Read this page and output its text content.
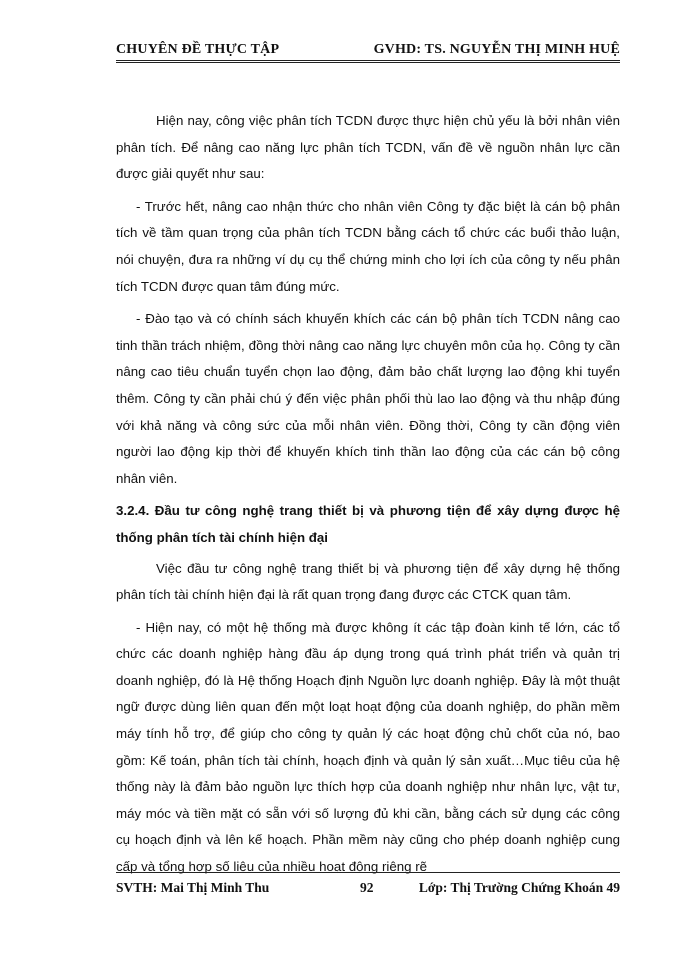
CHUYÊN ĐỀ THỰC TẬP	GVHD: TS. NGUYỄN THỊ MINH HUỆ

Hiện nay, công việc phân tích TCDN được thực hiện chủ yếu là bởi nhân viên phân tích. Để nâng cao năng lực phân tích TCDN, vấn đề về nguồn nhân lực cần được giải quyết như sau:

- Trước hết, nâng cao nhận thức cho nhân viên Công ty đặc biệt là cán bộ phân tích về tầm quan trọng của phân tích TCDN bằng cách tổ chức các buổi thảo luận, nói chuyện, đưa ra những ví dụ cụ thể chứng minh cho lợi ích của công ty nếu phân tích TCDN được quan tâm đúng mức.

- Đào tạo và có chính sách khuyến khích các cán bộ phân tích TCDN nâng cao tinh thần trách nhiệm, đồng thời nâng cao năng lực chuyên môn của họ. Công ty cần nâng cao tiêu chuẩn tuyển chọn lao động, đảm bảo chất lượng lao động khi tuyển thêm. Công ty cần phải chú ý đến việc phân phối thù lao lao động và thu nhập đúng với khả năng và công sức của mỗi nhân viên. Đồng thời, Công ty cần động viên người lao động kịp thời để khuyến khích tinh thần lao động của các cán bộ công nhân viên.

3.2.4. Đầu tư công nghệ trang thiết bị và phương tiện để xây dựng được hệ thống phân tích tài chính hiện đại

Việc đầu tư công nghệ trang thiết bị và phương tiện để xây dựng hệ thống phân tích tài chính hiện đại là rất quan trọng đang được các CTCK quan tâm.

- Hiện nay, có một hệ thống mà được không ít các tập đoàn kinh tế lớn, các tổ chức các doanh nghiệp hàng đầu áp dụng trong quá trình phát triển và quản trị doanh nghiệp, đó là Hệ thống Hoạch định Nguồn lực doanh nghiệp. Đây là một thuật ngữ được dùng liên quan đến một loạt hoạt động của doanh nghiệp, do phần mềm máy tính hỗ trợ, để giúp cho công ty quản lý các hoạt động chủ chốt của nó, bao gồm: Kế toán, phân tích tài chính, hoạch định và quản lý sản xuất…Mục tiêu của hệ thống này là đảm bảo nguồn lực thích hợp của doanh nghiệp như nhân lực, vật tư, máy móc và tiền mặt có sẵn với số lượng đủ khi cần, bằng cách sử dụng các công cụ hoạch định và lên kế hoạch. Phần mềm này cũng cho phép doanh nghiệp cung cấp và tổng hợp số liệu của nhiều hoạt động riêng rẽ

SVTH: Mai Thị Minh Thu	92	Lớp: Thị Trường Chứng Khoán 49
